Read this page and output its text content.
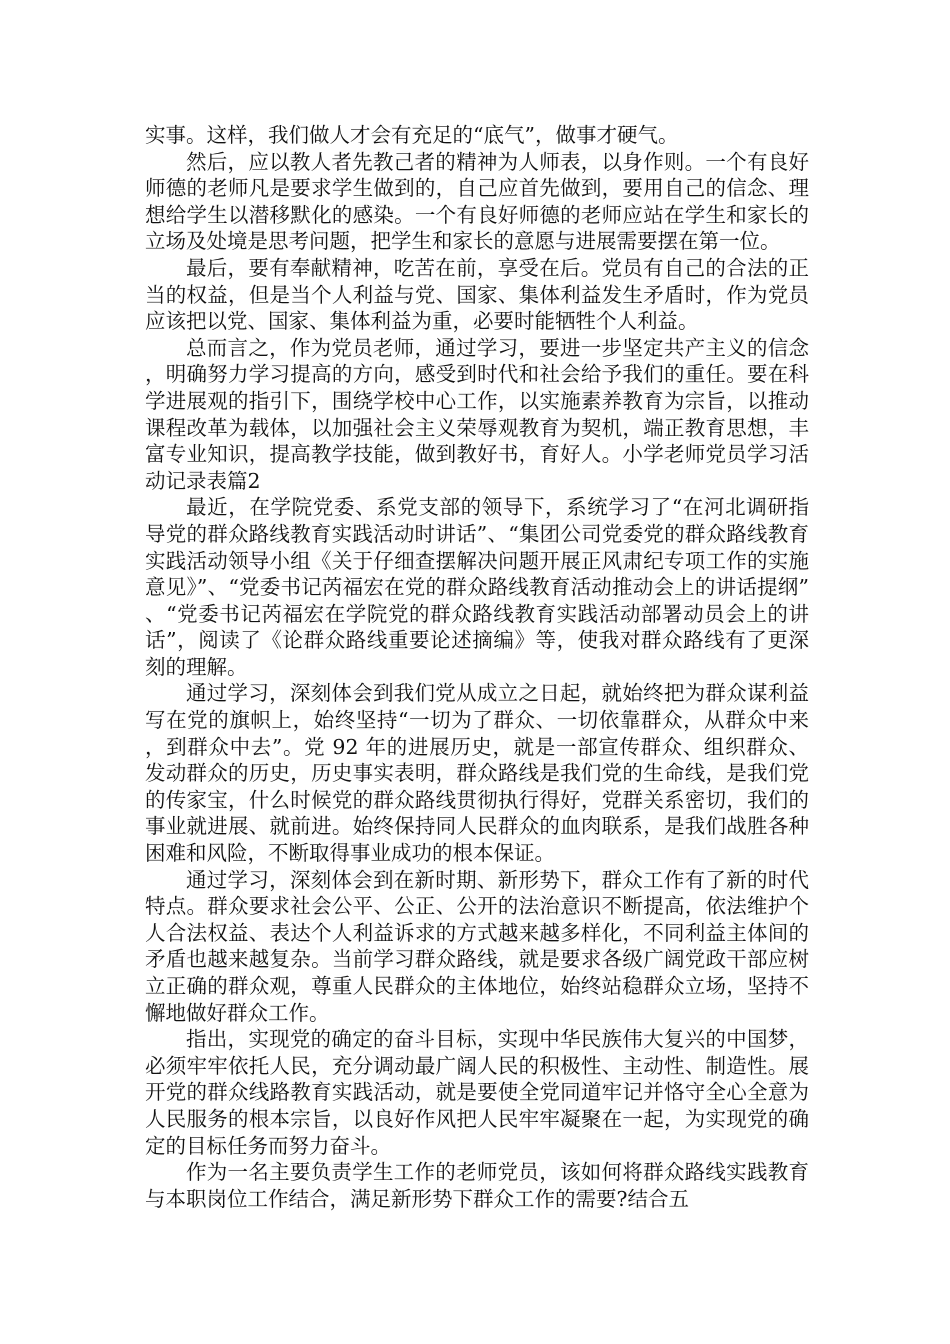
实事。这样，我们做人才会有充足的“底气”，做事才硬气。

然后，应以教人者先教己者的精神为人师表，以身作则。一个有良好师德的老师凡是要求学生做到的，自己应首先做到，要用自己的信念、理想给学生以潜移默化的感染。一个有良好师德的老师应站在学生和家长的立场及处境是思考问题，把学生和家长的意愿与进展需要摆在第一位。

最后，要有奉献精神，吃苦在前，享受在后。党员有自己的合法的正当的权益，但是当个人利益与党、国家、集体利益发生矛盾时，作为党员应该把以党、国家、集体利益为重，必要时能牺牲个人利益。

总而言之，作为党员老师，通过学习，要进一步坚定共产主义的信念，明确努力学习提高的方向，感受到时代和社会给予我们的重任。要在科学进展观的指引下，围绕学校中心工作，以实施素养教育为宗旨，以推动课程改革为载体，以加强社会主义荣辱观教育为契机，端正教育思想，丰富专业知识，提高教学技能，做到教好书，育好人。小学老师党员学习活动记录表篇2

最近，在学院党委、系党支部的领导下，系统学习了“在河北调研指导党的群众路线教育实践活动时讲话”、“集团公司党委党的群众路线教育实践活动领导小组《关于仔细查摆解决问题开展正风肃纪专项工作的实施意见》”、“党委书记芮福宏在党的群众路线教育活动推动会上的讲话提纲”、“党委书记芮福宏在学院党的群众路线教育实践活动部署动员会上的讲话”，阅读了《论群众路线重要论述摘编》等，使我对群众路线有了更深刻的理解。

通过学习，深刻体会到我们党从成立之日起，就始终把为群众谋利益写在党的旗帜上，始终坚持“一切为了群众、一切依靠群众，从群众中来，到群众中去”。党 92 年的进展历史，就是一部宣传群众、组织群众、发动群众的历史，历史事实表明，群众路线是我们党的生命线，是我们党的传家宝，什么时候党的群众路线贯彻执行得好，党群关系密切，我们的事业就进展、就前进。始终保持同人民群众的血肉联系，是我们战胜各种困难和风险，不断取得事业成功的根本保证。

通过学习，深刻体会到在新时期、新形势下，群众工作有了新的时代特点。群众要求社会公平、公正、公开的法治意识不断提高，依法维护个人合法权益、表达个人利益诉求的方式越来越多样化，不同利益主体间的矛盾也越来越复杂。当前学习群众路线，就是要求各级广阔党政干部应树立正确的群众观，尊重人民群众的主体地位，始终站稳群众立场，坚持不懈地做好群众工作。

指出，实现党的确定的奋斗目标，实现中华民族伟大复兴的中国梦，必须牢牢依托人民，充分调动最广阔人民的积极性、主动性、制造性。展开党的群众线路教育实践活动，就是要使全党同道牢记并恪守全心全意为人民服务的根本宗旨，以良好作风把人民牢牢凝聚在一起，为实现党的确定的目标任务而努力奋斗。

作为一名主要负责学生工作的老师党员，该如何将群众路线实践教育与本职岗位工作结合，满足新形势下群众工作的需要?结合五
